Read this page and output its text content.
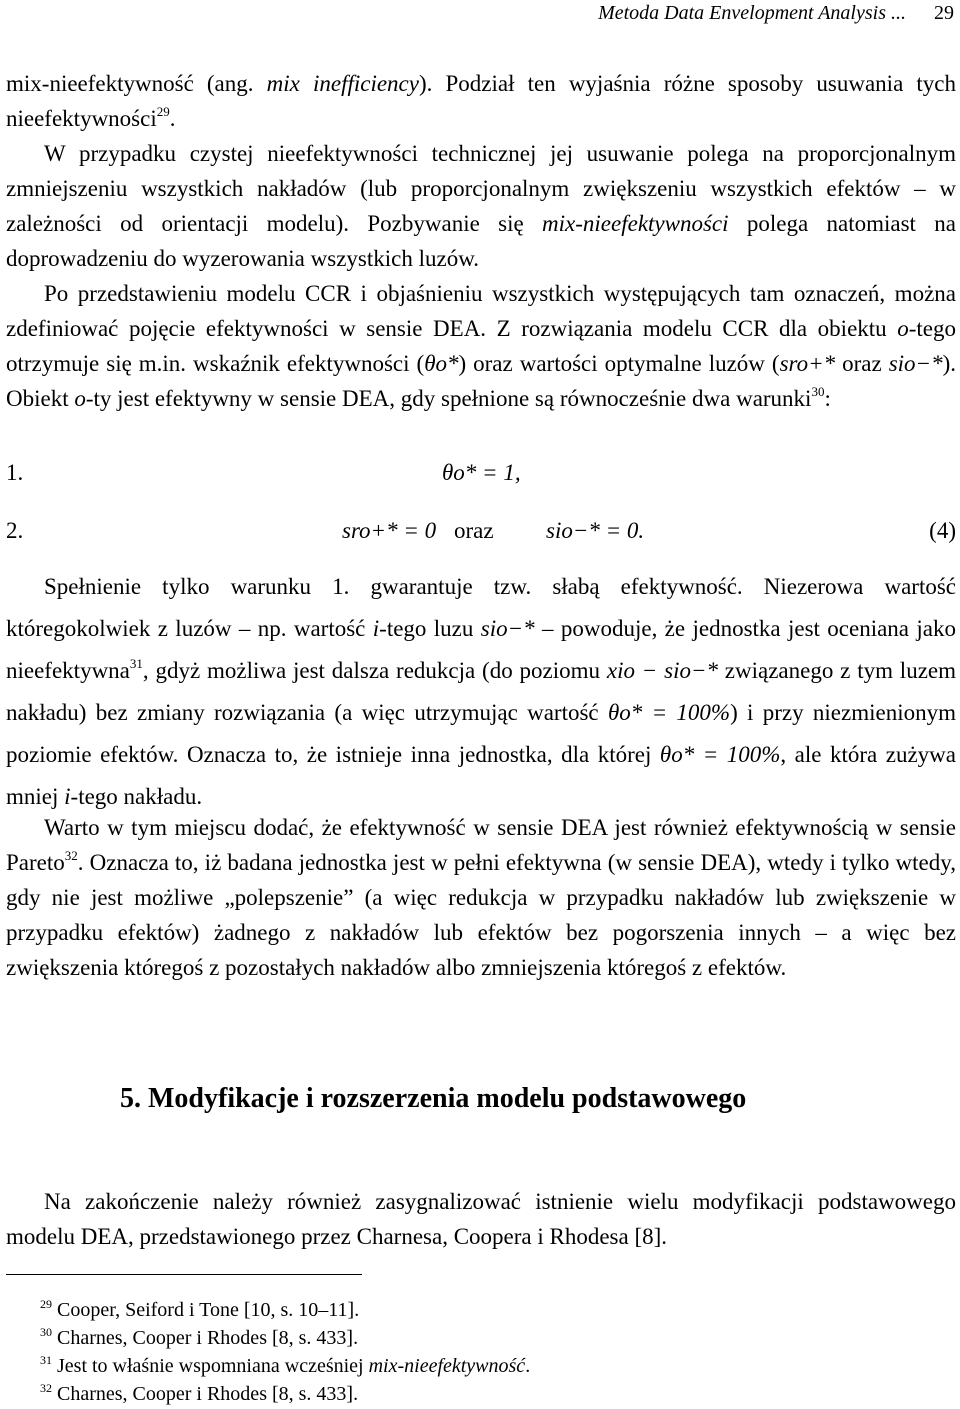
Metoda Data Envelopment Analysis ... 29

mix-nieefektywność (ang. mix inefficiency). Podział ten wyjaśnia różne sposoby usuwania tych nieefektywności$^{29}$.

W przypadku czystej nieefektywności technicznej jej usuwanie polega na proporcjonalnym zmniejszeniu wszystkich nakładów (lub proporcjonalnym zwiększeniu wszystkich efektów – w zależności od orientacji modelu). Pozbywanie się mix-nieefektywności polega natomiast na doprowadzeniu do wyzerowania wszystkich luzów.

Po przedstawieniu modelu CCR i objaśnieniu wszystkich występujących tam oznaczeń, można zdefiniować pojęcie efektywności w sensie DEA. Z rozwiązania modelu CCR dla obiektu o-tego otrzymuje się m.in. wskaźnik efektywności (θo*) oraz wartości optymalne luzów (sro+* oraz sio−*). Obiekt o-ty jest efektywny w sensie DEA, gdy spełnione są równocześnie dwa warunki$^{30}$:

1.	θo* = 1,
2.	sro+* = 0 oraz sio−* = 0.	(4)

Spełnienie tylko warunku 1. gwarantuje tzw. słabą efektywność. Niezerowa wartość któregokolwiek z luzów – np. wartość i-tego luzu sio−* – powoduje, że jednostka jest oceniana jako nieefektywna$^{31}$, gdyż możliwa jest dalsza redukcja (do poziomu xio − sio−* związanego z tym luzem nakładu) bez zmiany rozwiązania (a więc utrzymując wartość θo* = 100%) i przy niezmienionym poziomie efektów. Oznacza to, że istnieje inna jednostka, dla której θo* = 100%, ale która zużywa mniej i-tego nakładu.

Warto w tym miejscu dodać, że efektywność w sensie DEA jest również efektywnością w sensie Pareto$^{32}$. Oznacza to, iż badana jednostka jest w pełni efektywna (w sensie DEA), wtedy i tylko wtedy, gdy nie jest możliwe „polepszenie” (a więc redukcja w przypadku nakładów lub zwiększenie w przypadku efektów) żadnego z nakładów lub efektów bez pogorszenia innych – a więc bez zwiększenia któregoś z pozostałych nakładów albo zmniejszenia któregoś z efektów.

5. Modyfikacje i rozszerzenia modelu podstawowego

Na zakończenie należy również zasygnalizować istnienie wielu modyfikacji podstawowego modelu DEA, przedstawionego przez Charnesa, Coopera i Rhodesa [8].

$^{29}$ Cooper, Seiford i Tone [10, s. 10–11].
$^{30}$ Charnes, Cooper i Rhodes [8, s. 433].
$^{31}$ Jest to właśnie wspomniana wcześniej mix-nieefektywność.
$^{32}$ Charnes, Cooper i Rhodes [8, s. 433].
